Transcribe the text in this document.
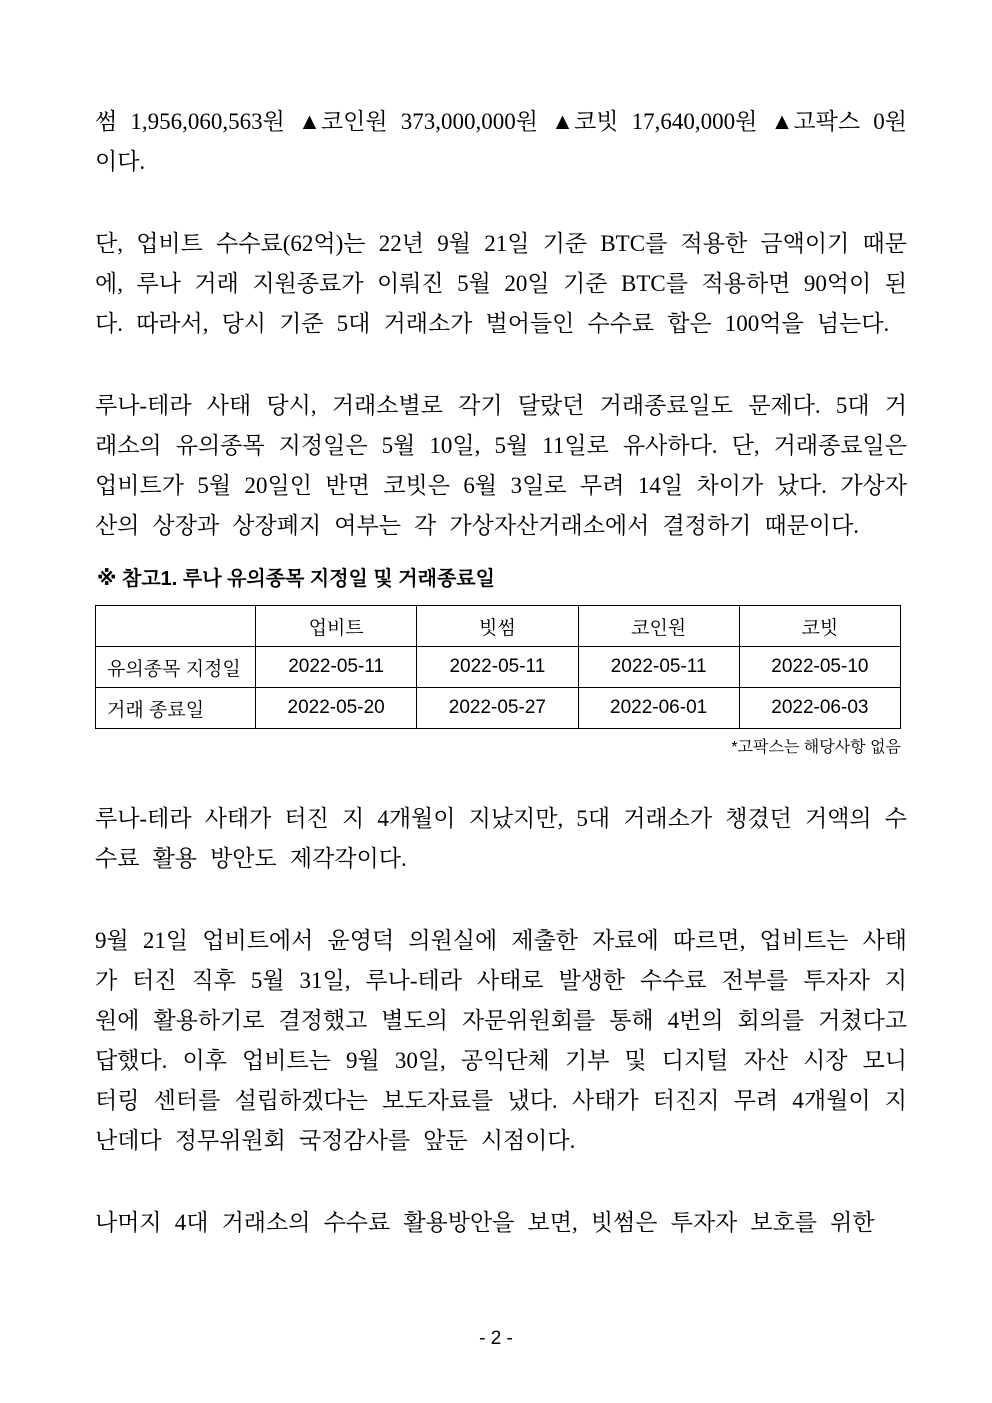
썸 1,956,060,563원 ▲코인원 373,000,000원 ▲코빗 17,640,000원 ▲고팍스 0원이다.

단, 업비트 수수료(62억)는 22년 9월 21일 기준 BTC를 적용한 금액이기 때문에, 루나 거래 지원종료가 이뤄진 5월 20일 기준 BTC를 적용하면 90억이 된다. 따라서, 당시 기준 5대 거래소가 벌어들인 수수료 합은 100억을 넘는다.

루나-테라 사태 당시, 거래소별로 각기 달랐던 거래종료일도 문제다. 5대 거래소의 유의종목 지정일은 5월 10일, 5월 11일로 유사하다. 단, 거래종료일은 업비트가 5월 20일인 반면 코빗은 6월 3일로 무려 14일 차이가 났다. 가상자산의 상장과 상장폐지 여부는 각 가상자산거래소에서 결정하기 때문이다.

※ 참고1. 루나 유의종목 지정일 및 거래종료일
	업비트	빗썸	코인원	코빗
유의종목 지정일	2022-05-11	2022-05-11	2022-05-11	2022-05-10
거래 종료일	2022-05-20	2022-05-27	2022-06-01	2022-06-03
*고팍스는 해당사항 없음

루나-테라 사태가 터진 지 4개월이 지났지만, 5대 거래소가 챙겼던 거액의 수수료 활용 방안도 제각각이다.

9월 21일 업비트에서 윤영덕 의원실에 제출한 자료에 따르면, 업비트는 사태가 터진 직후 5월 31일, 루나-테라 사태로 발생한 수수료 전부를 투자자 지원에 활용하기로 결정했고 별도의 자문위원회를 통해 4번의 회의를 거쳤다고 답했다. 이후 업비트는 9월 30일, 공익단체 기부 및 디지털 자산 시장 모니터링 센터를 설립하겠다는 보도자료를 냈다. 사태가 터진지 무려 4개월이 지난데다 정무위원회 국정감사를 앞둔 시점이다.

나머지 4대 거래소의 수수료 활용방안을 보면, 빗썸은 투자자 보호를 위한

- 2 -
